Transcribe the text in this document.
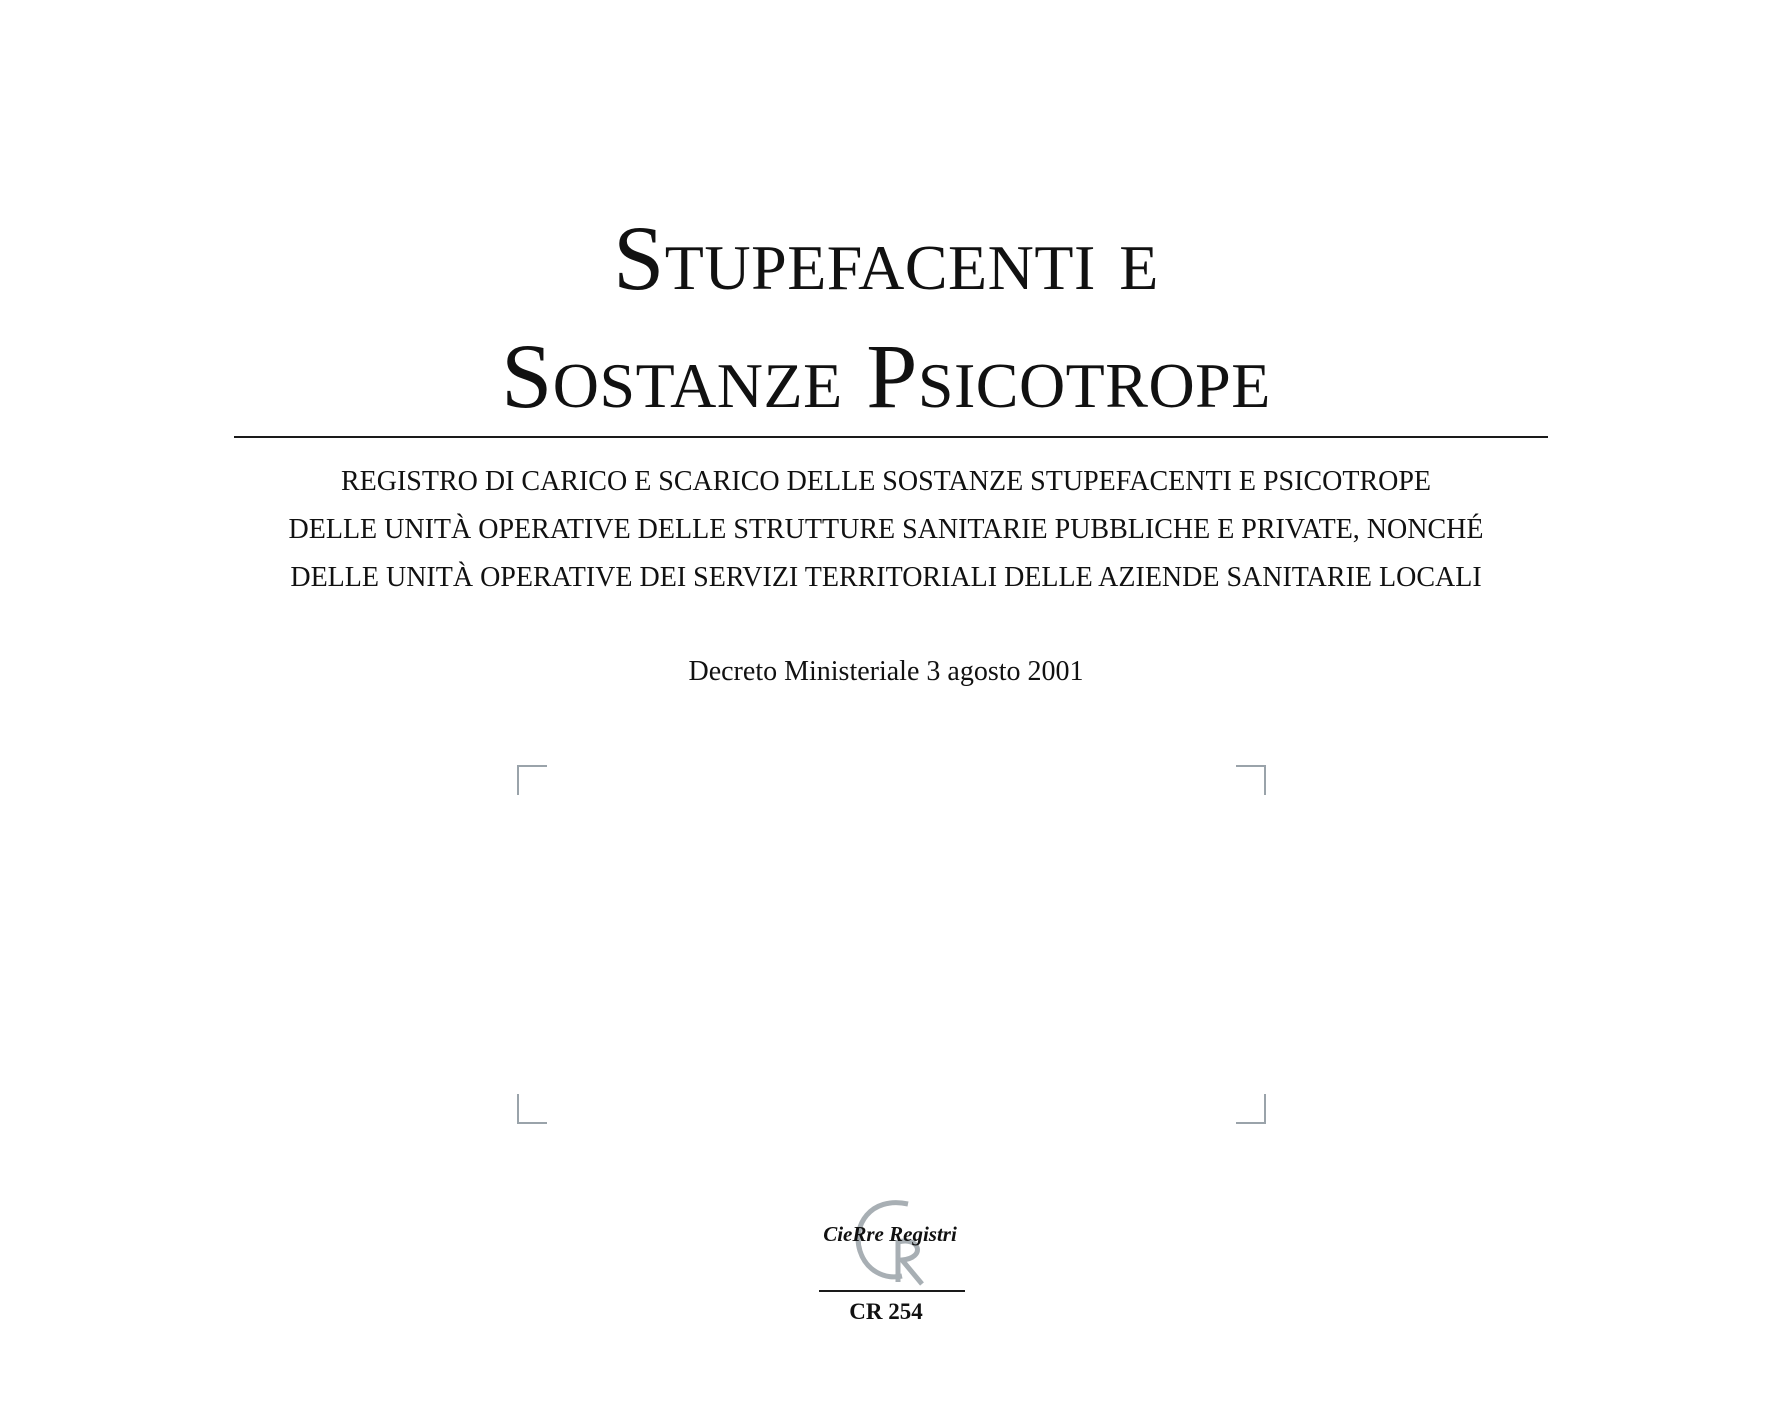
Stupefacenti e
Sostanze Psicotrope
REGISTRO DI CARICO E SCARICO DELLE SOSTANZE STUPEFACENTI E PSICOTROPE
DELLE UNITÀ OPERATIVE DELLE STRUTTURE SANITARIE PUBBLICHE E PRIVATE, NONCHÉ
DELLE UNITÀ OPERATIVE DEI SERVIZI TERRITORIALI DELLE AZIENDE SANITARIE LOCALI
Decreto Ministeriale 3 agosto 2001
CieRre Registri
CR 254
